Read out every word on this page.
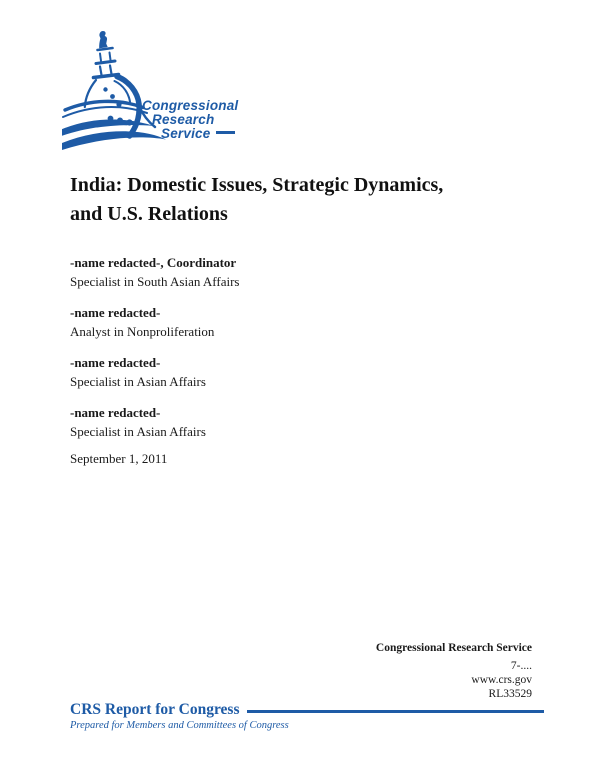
Congressional
Research
Service
India: Domestic Issues, Strategic Dynamics,
and U.S. Relations
-name redacted-, Coordinator
Specialist in South Asian Affairs
-name redacted-
Analyst in Nonproliferation
-name redacted-
Specialist in Asian Affairs
-name redacted-
Specialist in Asian Affairs
September 1, 2011
Congressional Research Service
7-....
www.crs.gov
RL33529
CRS Report for Congress
Prepared for Members and Committees of Congress
